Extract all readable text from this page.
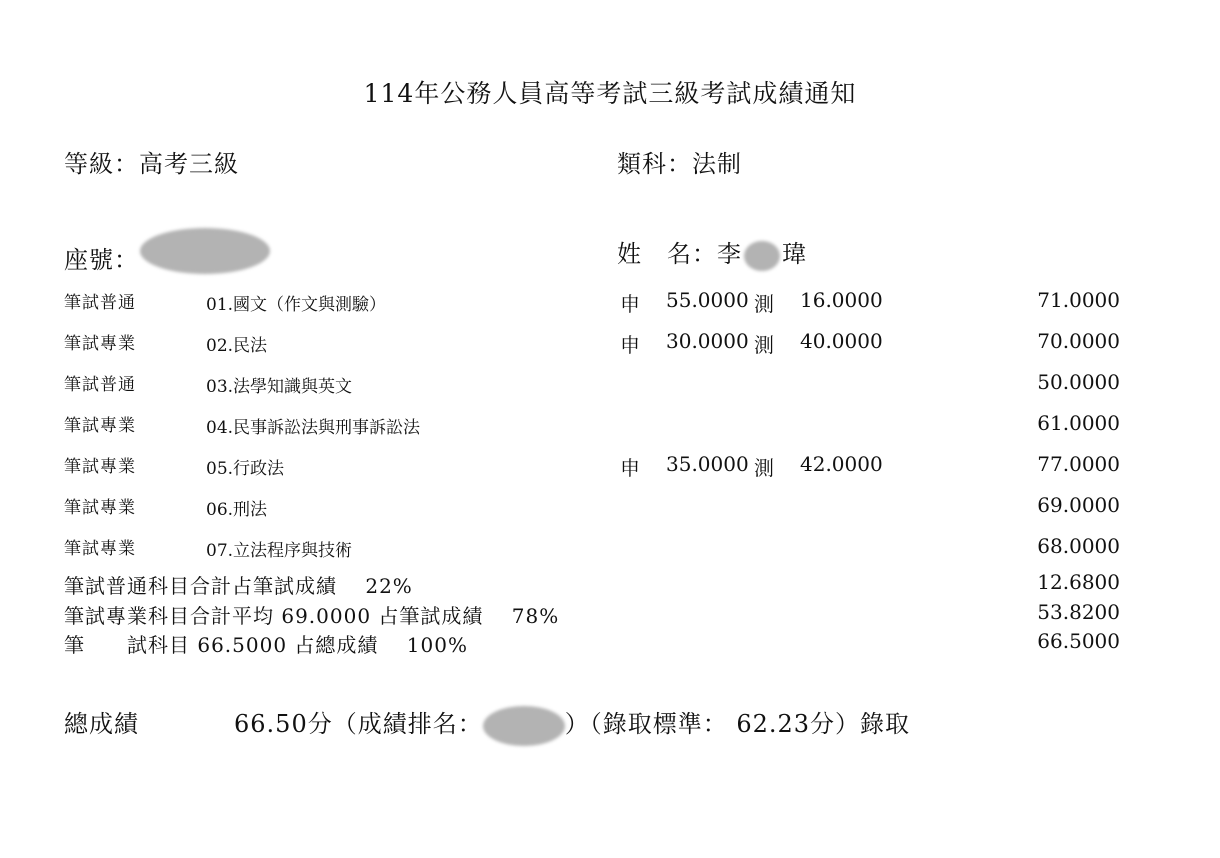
114年公務人員高等考試三級考試成績通知
等級：高考三級	類科：法制
座號：	姓　名：李 瑋
筆試普通	01.國文（作文與測驗）	申 55.0000 測 16.0000	71.0000
筆試專業	02.民法	申 30.0000 測 40.0000	70.0000
筆試普通	03.法學知識與英文	50.0000
筆試專業	04.民事訴訟法與刑事訴訟法	61.0000
筆試專業	05.行政法	申 35.0000 測 42.0000	77.0000
筆試專業	06.刑法	69.0000
筆試專業	07.立法程序與技術	68.0000
筆試普通科目合計占筆試成績　 22%	12.6800
筆試專業科目合計平均 69.0000 占筆試成績　 78%	53.8200
筆　　試科目 66.5000 占總成績　 100%	66.5000
總成績	66.50分（成績排名：	）（錄取標準： 62.23分）錄取
